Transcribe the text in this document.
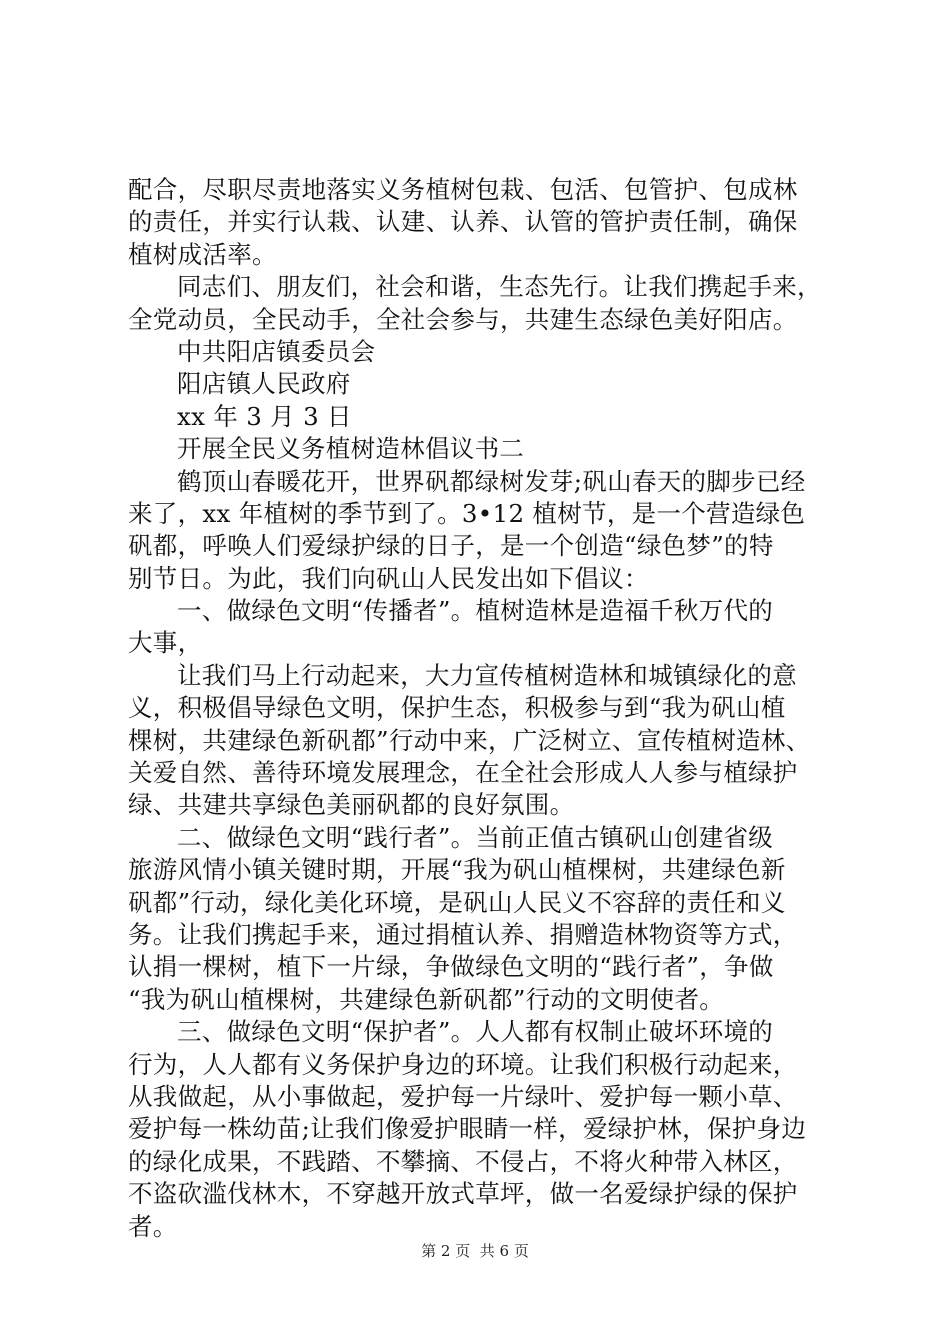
配合，尽职尽责地落实义务植树包栽、包活、包管护、包成林
的责任，并实行认栽、认建、认养、认管的管护责任制，确保
植树成活率。
同志们、朋友们，社会和谐，生态先行。让我们携起手来，
全党动员，全民动手，全社会参与，共建生态绿色美好阳店。
中共阳店镇委员会
阳店镇人民政府
xx 年 3 月 3 日
开展全民义务植树造林倡议书二
鹤顶山春暖花开，世界矾都绿树发芽;矾山春天的脚步已经
来了，xx 年植树的季节到了。3•12 植树节，是一个营造绿色
矾都，呼唤人们爱绿护绿的日子，是一个创造“绿色梦”的特
别节日。为此，我们向矾山人民发出如下倡议：
一、做绿色文明“传播者”。植树造林是造福千秋万代的
大事，
让我们马上行动起来，大力宣传植树造林和城镇绿化的意
义，积极倡导绿色文明，保护生态，积极参与到“我为矾山植
棵树，共建绿色新矾都”行动中来，广泛树立、宣传植树造林、
关爱自然、善待环境发展理念，在全社会形成人人参与植绿护
绿、共建共享绿色美丽矾都的良好氛围。
二、做绿色文明“践行者”。当前正值古镇矾山创建省级
旅游风情小镇关键时期，开展“我为矾山植棵树，共建绿色新
矾都”行动，绿化美化环境，是矾山人民义不容辞的责任和义
务。让我们携起手来，通过捐植认养、捐赠造林物资等方式，
认捐一棵树，植下一片绿，争做绿色文明的“践行者”，争做
“我为矾山植棵树，共建绿色新矾都”行动的文明使者。
三、做绿色文明“保护者”。人人都有权制止破坏环境的
行为，人人都有义务保护身边的环境。让我们积极行动起来，
从我做起，从小事做起，爱护每一片绿叶、爱护每一颗小草、
爱护每一株幼苗;让我们像爱护眼睛一样，爱绿护林，保护身边
的绿化成果，不践踏、不攀摘、不侵占，不将火种带入林区，
不盗砍滥伐林木，不穿越开放式草坪，做一名爱绿护绿的保护
者。
第 2 页  共 6 页
